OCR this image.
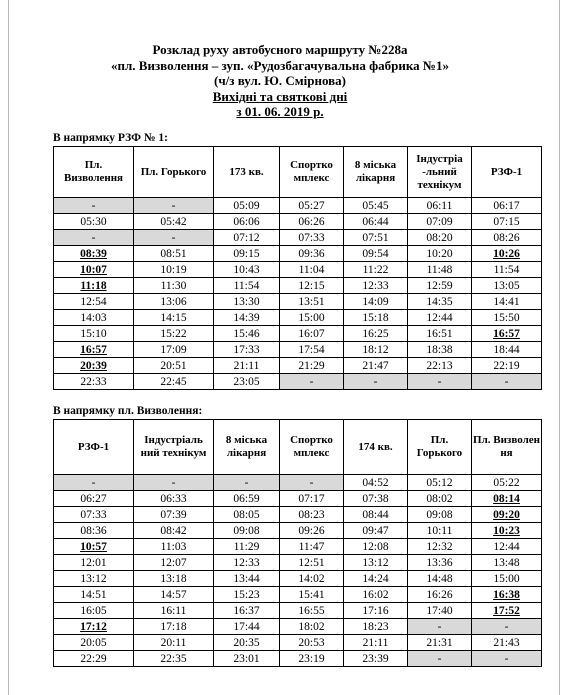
Розклад руху автобусного маршруту №228а
«пл. Визволення – зуп. «Рудозбагачувальна фабрика №1»
(ч/з вул. Ю. Смірнова)
Вихідні та святкові дні
з 01. 06. 2019 р.
В напрямку РЗФ № 1:
Пл. Визволення	Пл. Горького	173 кв.	Спортко мплекс	8 міська лікарня	Індустрiа -льний технікум	РЗФ-1
-	-	05:09	05:27	05:45	06:11	06:17
05:30	05:42	06:06	06:26	06:44	07:09	07:15
-	-	07:12	07:33	07:51	08:20	08:26
08:39	08:51	09:15	09:36	09:54	10:20	10:26
10:07	10:19	10:43	11:04	11:22	11:48	11:54
11:18	11:30	11:54	12:15	12:33	12:59	13:05
12:54	13:06	13:30	13:51	14:09	14:35	14:41
14:03	14:15	14:39	15:00	15:18	12:44	15:50
15:10	15:22	15:46	16:07	16:25	16:51	16:57
16:57	17:09	17:33	17:54	18:12	18:38	18:44
20:39	20:51	21:11	21:29	21:47	22:13	22:19
22:33	22:45	23:05	-	-	-	-
В напрямку пл. Визволення:
РЗФ-1	Індустріаль ний технікум	8 міська лікарня	Спортко мплекс	174 кв.	Пл. Горького	Пл. Визволен ня
-	-	-	-	04:52	05:12	05:22
06:27	06:33	06:59	07:17	07:38	08:02	08:14
07:33	07:39	08:05	08:23	08:44	09:08	09:20
08:36	08:42	09:08	09:26	09:47	10:11	10:23
10:57	11:03	11:29	11:47	12:08	12:32	12:44
12:01	12:07	12:33	12:51	13:12	13:36	13:48
13:12	13:18	13:44	14:02	14:24	14:48	15:00
14:51	14:57	15:23	15:41	16:02	16:26	16:38
16:05	16:11	16:37	16:55	17:16	17:40	17:52
17:12	17:18	17:44	18:02	18:23	-	-
20:05	20:11	20:35	20:53	21:11	21:31	21:43
22:29	22:35	23:01	23:19	23:39	-	-
